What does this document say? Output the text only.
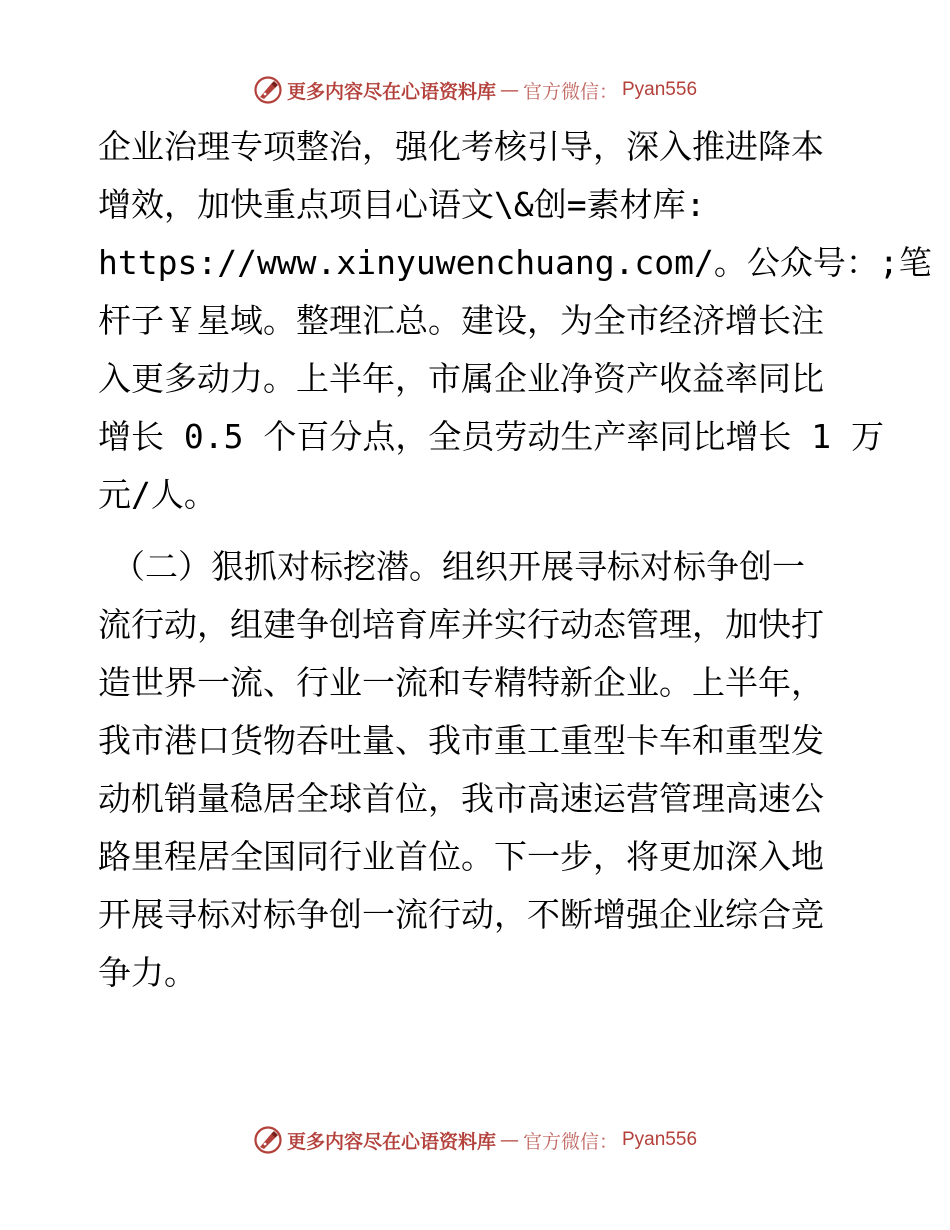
更多内容尽在心语资料库 — 官方微信： Pyan556
企业治理专项整治，强化考核引导，深入推进降本
增效，加快重点项目心语文\&创=素材库:
https://www.xinyuwenchuang.com/。公众号：;笔
杆子￥星域。整理汇总。建设，为全市经济增长注
入更多动力。上半年，市属企业净资产收益率同比
增长 0.5 个百分点，全员劳动生产率同比增长 1 万
元/人。
（二）狠抓对标挖潜。组织开展寻标对标争创一
流行动，组建争创培育库并实行动态管理，加快打
造世界一流、行业一流和专精特新企业。上半年，
我市港口货物吞吐量、我市重工重型卡车和重型发
动机销量稳居全球首位，我市高速运营管理高速公
路里程居全国同行业首位。下一步，将更加深入地
开展寻标对标争创一流行动，不断增强企业综合竞
争力。
更多内容尽在心语资料库 — 官方微信： Pyan556
